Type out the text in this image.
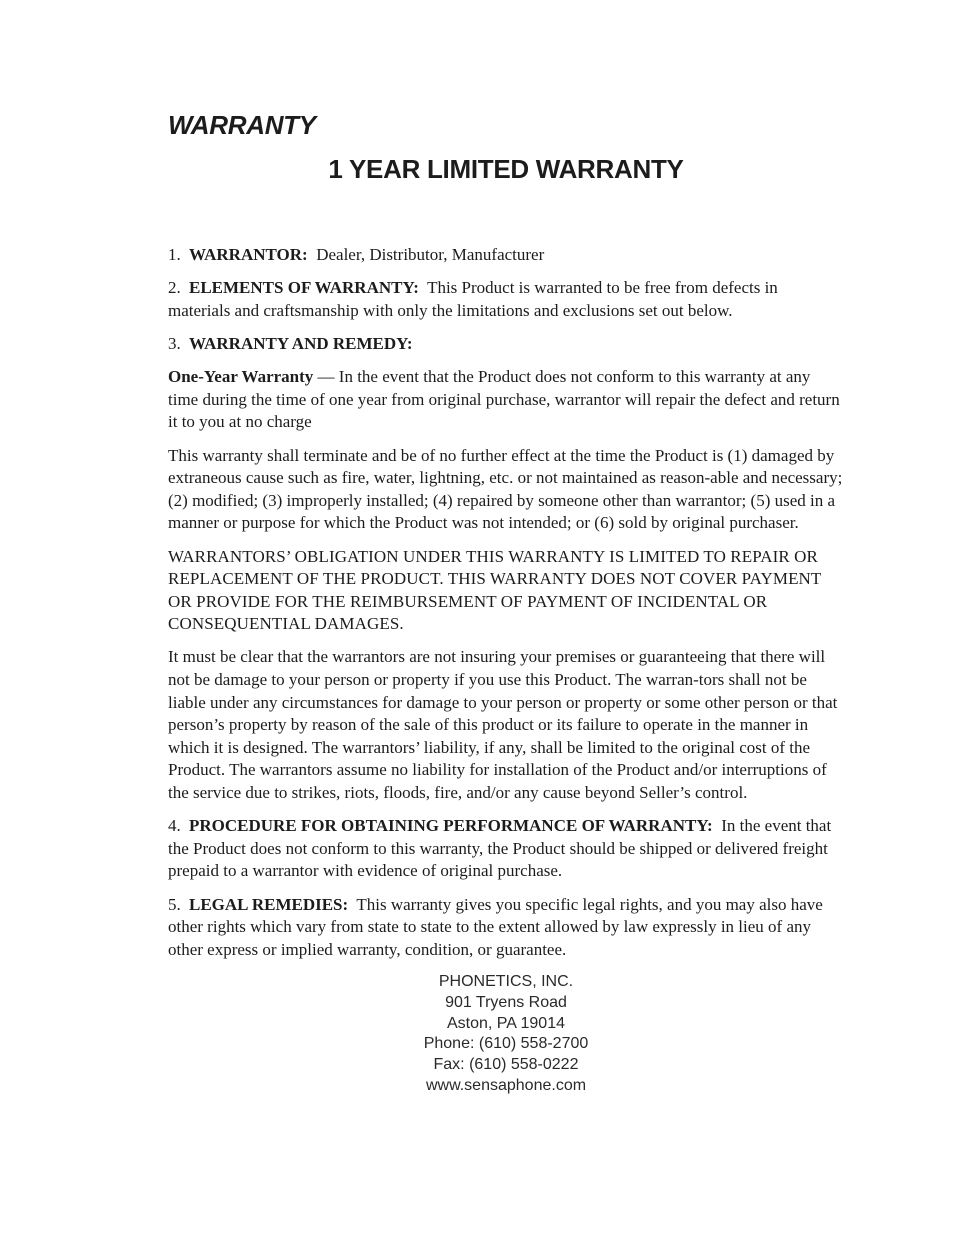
WARRANTY
1 YEAR LIMITED WARRANTY

1. WARRANTOR: Dealer, Distributor, Manufacturer

2. ELEMENTS OF WARRANTY: This Product is warranted to be free from defects in materials and craftsmanship with only the limitations and exclusions set out below.

3. WARRANTY AND REMEDY:

One-Year Warranty — In the event that the Product does not conform to this warranty at any time during the time of one year from original purchase, warrantor will repair the defect and return it to you at no charge

This warranty shall terminate and be of no further effect at the time the Product is (1) damaged by extraneous cause such as fire, water, lightning, etc. or not maintained as reason-able and necessary; (2) modified; (3) improperly installed; (4) repaired by someone other than warrantor; (5) used in a manner or purpose for which the Product was not intended; or (6) sold by original purchaser.

WARRANTORS’ OBLIGATION UNDER THIS WARRANTY IS LIMITED TO REPAIR OR REPLACEMENT OF THE PRODUCT. THIS WARRANTY DOES NOT COVER PAYMENT OR PROVIDE FOR THE REIMBURSEMENT OF PAYMENT OF INCIDENTAL OR CONSEQUENTIAL DAMAGES.

It must be clear that the warrantors are not insuring your premises or guaranteeing that there will not be damage to your person or property if you use this Product. The warran-tors shall not be liable under any circumstances for damage to your person or property or some other person or that person’s property by reason of the sale of this product or its failure to operate in the manner in which it is designed. The warrantors’ liability, if any, shall be limited to the original cost of the Product. The warrantors assume no liability for installation of the Product and/or interruptions of the service due to strikes, riots, floods, fire, and/or any cause beyond Seller’s control.

4. PROCEDURE FOR OBTAINING PERFORMANCE OF WARRANTY: In the event that the Product does not conform to this warranty, the Product should be shipped or delivered freight prepaid to a warrantor with evidence of original purchase.

5. LEGAL REMEDIES: This warranty gives you specific legal rights, and you may also have other rights which vary from state to state to the extent allowed by law expressly in lieu of any other express or implied warranty, condition, or guarantee.

PHONETICS, INC.
901 Tryens Road
Aston, PA 19014
Phone: (610) 558-2700
Fax: (610) 558-0222
www.sensaphone.com
